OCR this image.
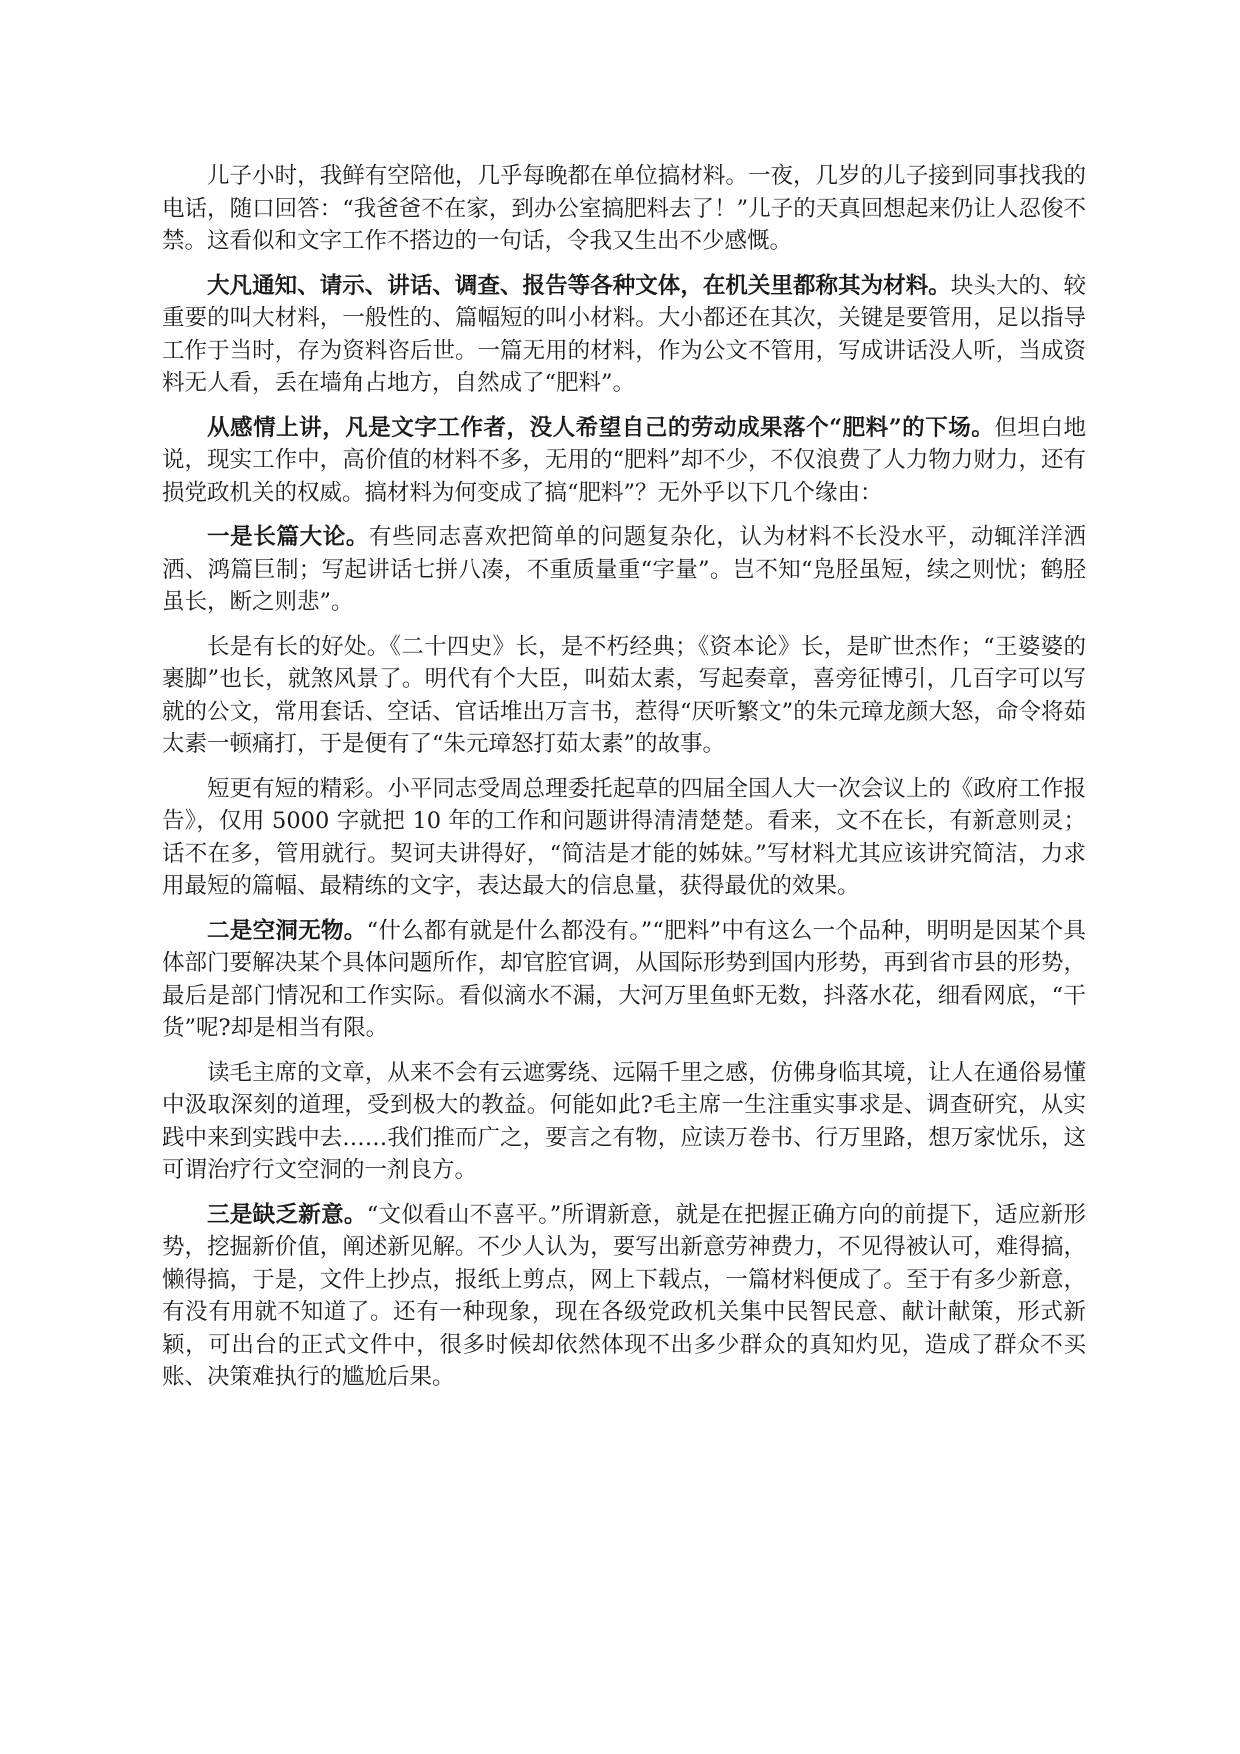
儿子小时，我鲜有空陪他，几乎每晚都在单位搞材料。一夜，几岁的儿子接到同事找我的电话，随口回答：“我爸爸不在家，到办公室搞肥料去了！”儿子的天真回想起来仍让人忍俊不禁。这看似和文字工作不搭边的一句话，令我又生出不少感慨。

大凡通知、请示、讲话、调查、报告等各种文体，在机关里都称其为材料。块头大的、较重要的叫大材料，一般性的、篇幅短的叫小材料。大小都还在其次，关键是要管用，足以指导工作于当时，存为资料咨后世。一篇无用的材料，作为公文不管用，写成讲话没人听，当成资料无人看，丢在墙角占地方，自然成了“肥料”。

从感情上讲，凡是文字工作者，没人希望自己的劳动成果落个“肥料”的下场。但坦白地说，现实工作中，高价值的材料不多，无用的“肥料”却不少，不仅浪费了人力物力财力，还有损党政机关的权威。搞材料为何变成了搞“肥料”？无外乎以下几个缘由：

一是长篇大论。有些同志喜欢把简单的问题复杂化，认为材料不长没水平，动辄洋洋洒洒、鸿篇巨制；写起讲话七拼八凑，不重质量重“字量”。岂不知“凫胫虽短，续之则忧；鹤胫虽长，断之则悲”。

长是有长的好处。《二十四史》长，是不朽经典；《资本论》长，是旷世杰作；“王婆婆的裹脚”也长，就煞风景了。明代有个大臣，叫茹太素，写起奏章，喜旁征博引，几百字可以写就的公文，常用套话、空话、官话堆出万言书，惹得“厌听繁文”的朱元璋龙颜大怒，命令将茹太素一顿痛打，于是便有了“朱元璋怒打茹太素”的故事。

短更有短的精彩。小平同志受周总理委托起草的四届全国人大一次会议上的《政府工作报告》，仅用 5000 字就把 10 年的工作和问题讲得清清楚楚。看来，文不在长，有新意则灵；话不在多，管用就行。契诃夫讲得好，“简洁是才能的姊妹。”写材料尤其应该讲究简洁，力求用最短的篇幅、最精练的文字，表达最大的信息量，获得最优的效果。

二是空洞无物。“什么都有就是什么都没有。”“肥料”中有这么一个品种，明明是因某个具体部门要解决某个具体问题所作，却官腔官调，从国际形势到国内形势，再到省市县的形势，最后是部门情况和工作实际。看似滴水不漏，大河万里鱼虾无数，抖落水花，细看网底，“干货”呢?却是相当有限。

读毛主席的文章，从来不会有云遮雾绕、远隔千里之感，仿佛身临其境，让人在通俗易懂中汲取深刻的道理，受到极大的教益。何能如此?毛主席一生注重实事求是、调查研究，从实践中来到实践中去……我们推而广之，要言之有物，应读万卷书、行万里路，想万家忧乐，这可谓治疗行文空洞的一剂良方。

三是缺乏新意。“文似看山不喜平。”所谓新意，就是在把握正确方向的前提下，适应新形势，挖掘新价值，阐述新见解。不少人认为，要写出新意劳神费力，不见得被认可，难得搞，懒得搞，于是，文件上抄点，报纸上剪点，网上下载点，一篇材料便成了。至于有多少新意，有没有用就不知道了。还有一种现象，现在各级党政机关集中民智民意、献计献策，形式新颖，可出台的正式文件中，很多时候却依然体现不出多少群众的真知灼见，造成了群众不买账、决策难执行的尴尬后果。
